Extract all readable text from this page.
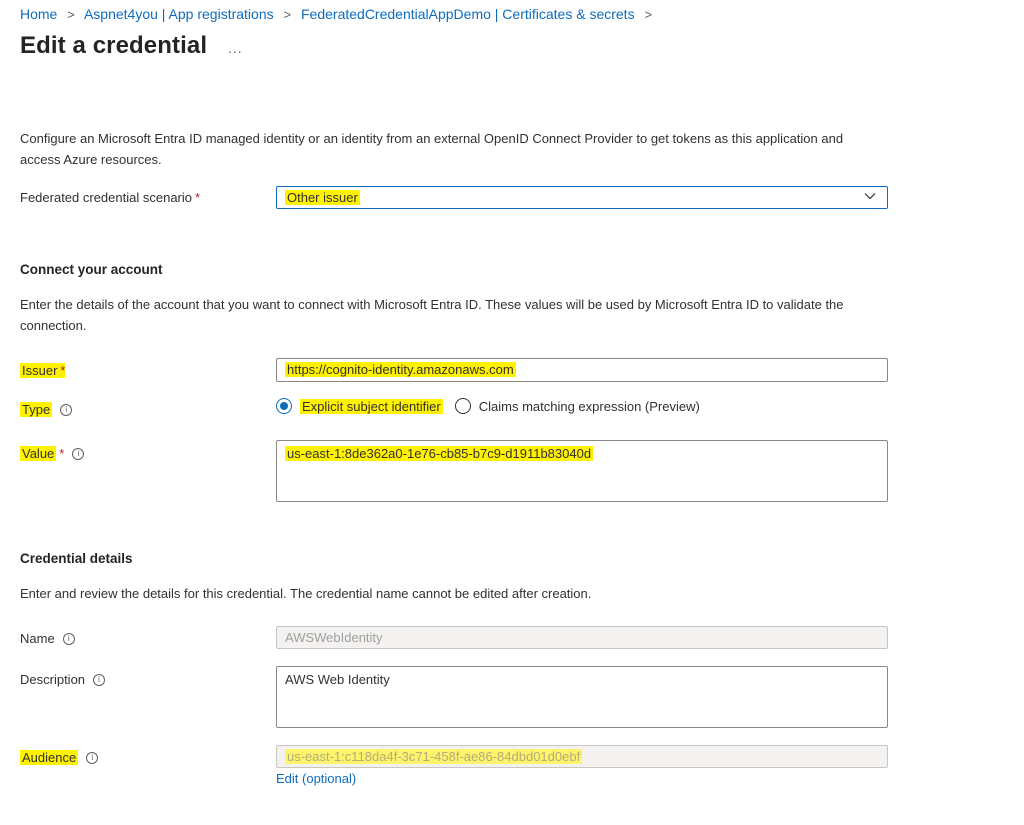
Home > Aspnet4you | App registrations > FederatedCredentialAppDemo | Certificates & secrets >
Edit a credential ...
Configure an Microsoft Entra ID managed identity or an identity from an external OpenID Connect Provider to get tokens as this application and access Azure resources.
Federated credential scenario *	Other issuer
Connect your account
Enter the details of the account that you want to connect with Microsoft Entra ID. These values will be used by Microsoft Entra ID to validate the connection.
Issuer *	https://cognito-identity.amazonaws.com
Type	i	Explicit subject identifier	Claims matching expression (Preview)
Value *	i	us-east-1:8de362a0-1e76-cb85-b7c9-d1911b83040d
Credential details
Enter and review the details for this credential. The credential name cannot be edited after creation.
Name	i	AWSWebIdentity
Description	i	AWS Web Identity
Audience	i	us-east-1:c118da4f-3c71-458f-ae86-84dbd01d0ebf
Edit (optional)
